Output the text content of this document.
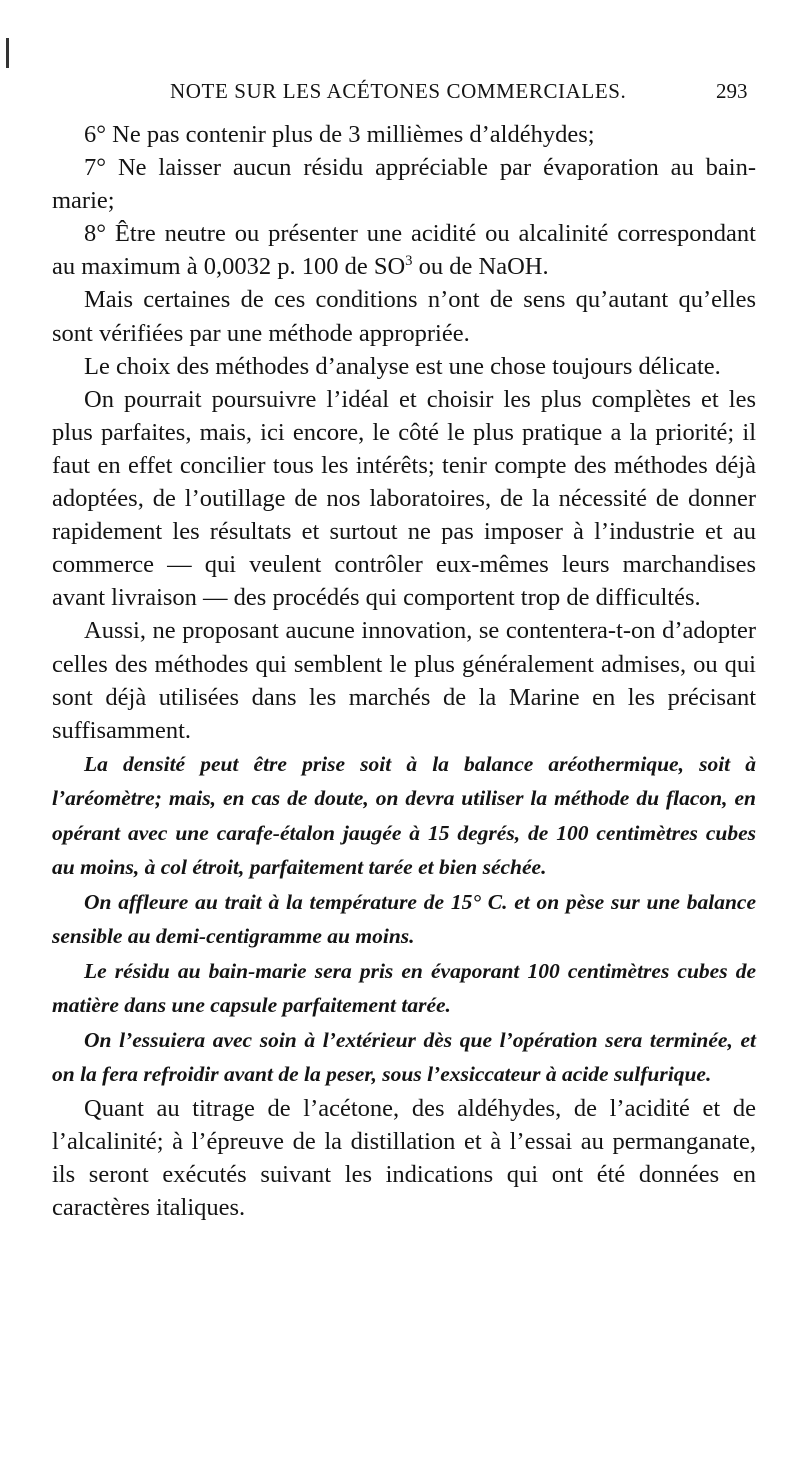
NOTE SUR LES ACÉTONES COMMERCIALES.	293

6° Ne pas contenir plus de 3 millièmes d’aldéhydes;

7° Ne laisser aucun résidu appréciable par évaporation au bain-marie;

8° Être neutre ou présenter une acidité ou alcalinité correspondant au maximum à 0,0032 p. 100 de $SO^3$ ou de NaOH.

Mais certaines de ces conditions n’ont de sens qu’autant qu’elles sont vérifiées par une méthode appropriée.

Le choix des méthodes d’analyse est une chose toujours délicate.

On pourrait poursuivre l’idéal et choisir les plus complètes et les plus parfaites, mais, ici encore, le côté le plus pratique a la priorité; il faut en effet concilier tous les intérêts; tenir compte des méthodes déjà adoptées, de l’outillage de nos laboratoires, de la nécessité de donner rapidement les résultats et surtout ne pas imposer à l’industrie et au commerce — qui veulent contrôler eux-mêmes leurs marchandises avant livraison — des procédés qui comportent trop de difficultés.

Aussi, ne proposant aucune innovation, se contentera-t-on d’adopter celles des méthodes qui semblent le plus généralement admises, ou qui sont déjà utilisées dans les marchés de la Marine en les précisant suffisamment.

La densité peut être prise soit à la balance aréothermique, soit à l’aréomètre; mais, en cas de doute, on devra utiliser la méthode du flacon, en opérant avec une carafe-étalon jaugée à 15 degrés, de 100 centimètres cubes au moins, à col étroit, parfaitement tarée et bien séchée.

On affleure au trait à la température de 15° C. et on pèse sur une balance sensible au demi-centigramme au moins.

Le résidu au bain-marie sera pris en évaporant 100 centimètres cubes de matière dans une capsule parfaitement tarée.

On l’essuiera avec soin à l’extérieur dès que l’opération sera terminée, et on la fera refroidir avant de la peser, sous l’exsiccateur à acide sulfurique.

Quant au titrage de l’acétone, des aldéhydes, de l’acidité et de l’alcalinité; à l’épreuve de la distillation et à l’essai au permanganate, ils seront exécutés suivant les indications qui ont été données en caractères italiques.
